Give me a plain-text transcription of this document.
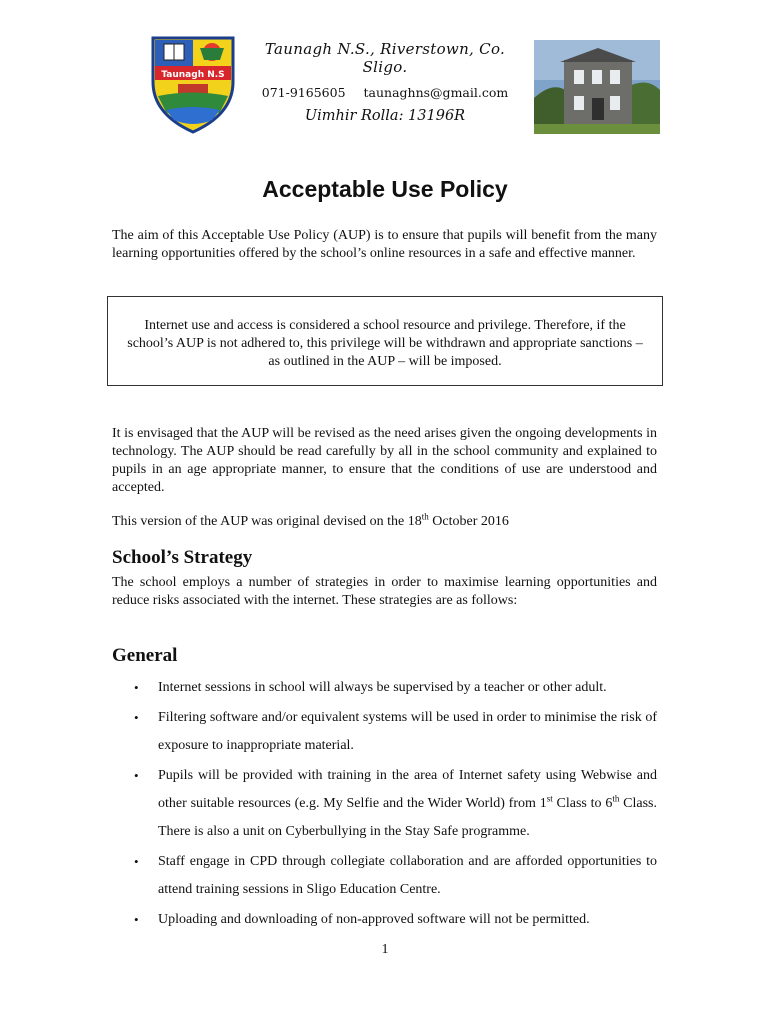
Taunagh N.S
Taunagh N.S., Riverstown, Co. Sligo.
071-9165605 taunaghns@gmail.com
Uimhir Rolla: 13196R
Acceptable Use Policy
The aim of this Acceptable Use Policy (AUP) is to ensure that pupils will benefit from the many learning opportunities offered by the school’s online resources in a safe and effective manner.
Internet use and access is considered a school resource and privilege. Therefore, if the school’s AUP is not adhered to, this privilege will be withdrawn and appropriate sanctions – as outlined in the AUP – will be imposed.
It is envisaged that the AUP will be revised as the need arises given the ongoing developments in technology. The AUP should be read carefully by all in the school community and explained to pupils in an age appropriate manner, to ensure that the conditions of use are understood and accepted.
This version of the AUP was original devised on the 18th October 2016
School’s Strategy
The school employs a number of strategies in order to maximise learning opportunities and reduce risks associated with the internet. These strategies are as follows:
General
• Internet sessions in school will always be supervised by a teacher or other adult.
• Filtering software and/or equivalent systems will be used in order to minimise the risk of exposure to inappropriate material.
• Pupils will be provided with training in the area of Internet safety using Webwise and other suitable resources (e.g. My Selfie and the Wider World) from 1st Class to 6th Class. There is also a unit on Cyberbullying in the Stay Safe programme.
• Staff engage in CPD through collegiate collaboration and are afforded opportunities to attend training sessions in Sligo Education Centre.
• Uploading and downloading of non-approved software will not be permitted.
1
